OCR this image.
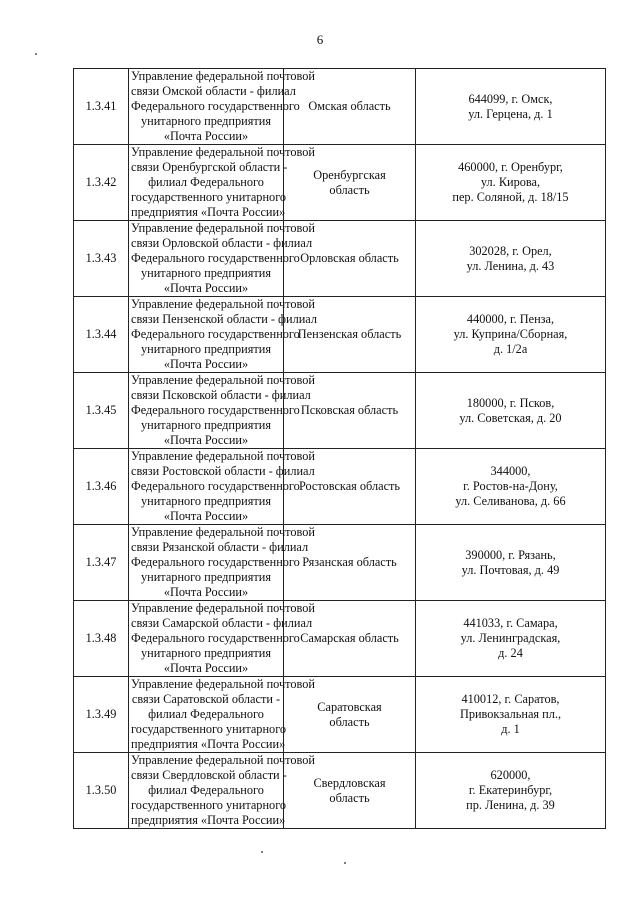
6
1.3.41	Управление федеральной почтовой
связи Омской области - филиал
Федерального государственного
унитарного предприятия
«Почта России»	Омская область	644099, г. Омск,
ул. Герцена, д. 1

1.3.42	Управление федеральной почтовой
связи Оренбургской области -
филиал Федерального
государственного унитарного
предприятия «Почта России»	Оренбургская
область	460000, г. Оренбург,
ул. Кирова,
пер. Соляной, д. 18/15

1.3.43	Управление федеральной почтовой
связи Орловской области - филиал
Федерального государственного
унитарного предприятия
«Почта России»	Орловская область	302028, г. Орел,
ул. Ленина, д. 43

1.3.44	Управление федеральной почтовой
связи Пензенской области - филиал
Федерального государственного
унитарного предприятия
«Почта России»	Пензенская область	440000, г. Пенза,
ул. Куприна/Сборная,
д. 1/2а

1.3.45	Управление федеральной почтовой
связи Псковской области - филиал
Федерального государственного
унитарного предприятия
«Почта России»	Псковская область	180000, г. Псков,
ул. Советская, д. 20

1.3.46	Управление федеральной почтовой
связи Ростовской области - филиал
Федерального государственного
унитарного предприятия
«Почта России»	Ростовская область	344000,
г. Ростов-на-Дону,
ул. Селиванова, д. 66

1.3.47	Управление федеральной почтовой
связи Рязанской области - филиал
Федерального государственного
унитарного предприятия
«Почта России»	Рязанская область	390000, г. Рязань,
ул. Почтовая, д. 49

1.3.48	Управление федеральной почтовой
связи Самарской области - филиал
Федерального государственного
унитарного предприятия
«Почта России»	Самарская область	441033, г. Самара,
ул. Ленинградская,
д. 24

1.3.49	Управление федеральной почтовой
связи Саратовской области -
филиал Федерального
государственного унитарного
предприятия «Почта России»	Саратовская
область	410012, г. Саратов,
Привокзальная пл.,
д. 1

1.3.50	Управление федеральной почтовой
связи Свердловской области -
филиал Федерального
государственного унитарного
предприятия «Почта России»	Свердловская
область	620000,
г. Екатеринбург,
пр. Ленина, д. 39
